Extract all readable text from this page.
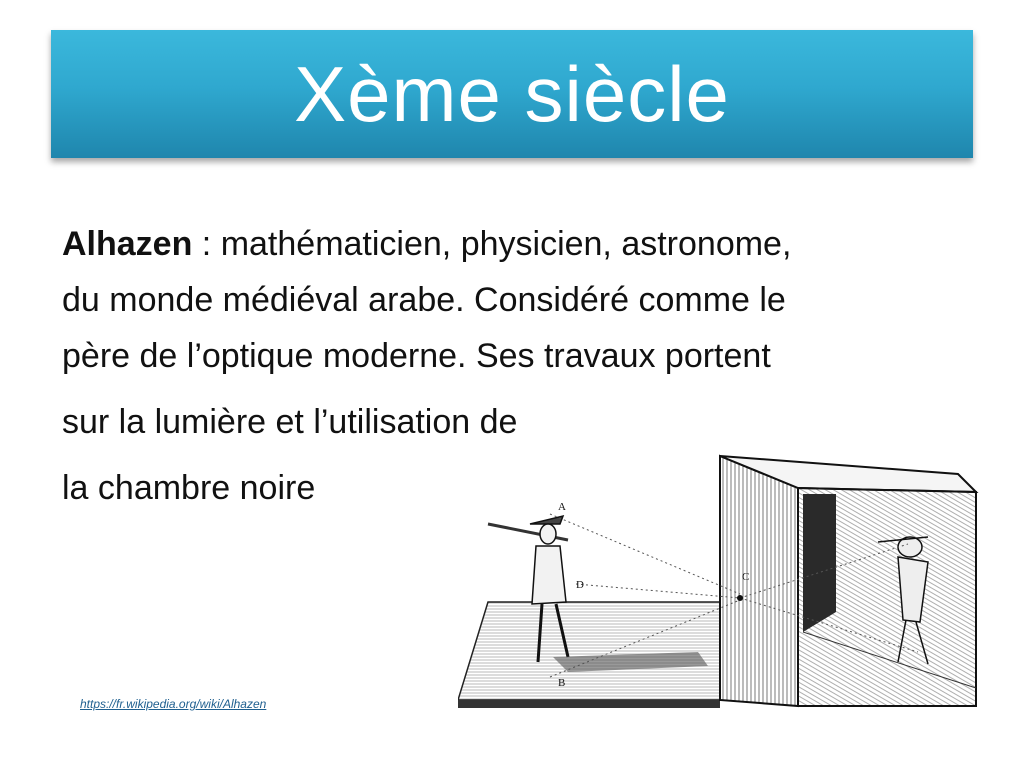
Xème siècle
Alhazen : mathématicien, physicien, astronome,
du monde médiéval arabe. Considéré comme le
père de l’optique moderne. Ses travaux portent
sur la lumière et l’utilisation de
la chambre noire	A
D
C
B
https://fr.wikipedia.org/wiki/Alhazen
